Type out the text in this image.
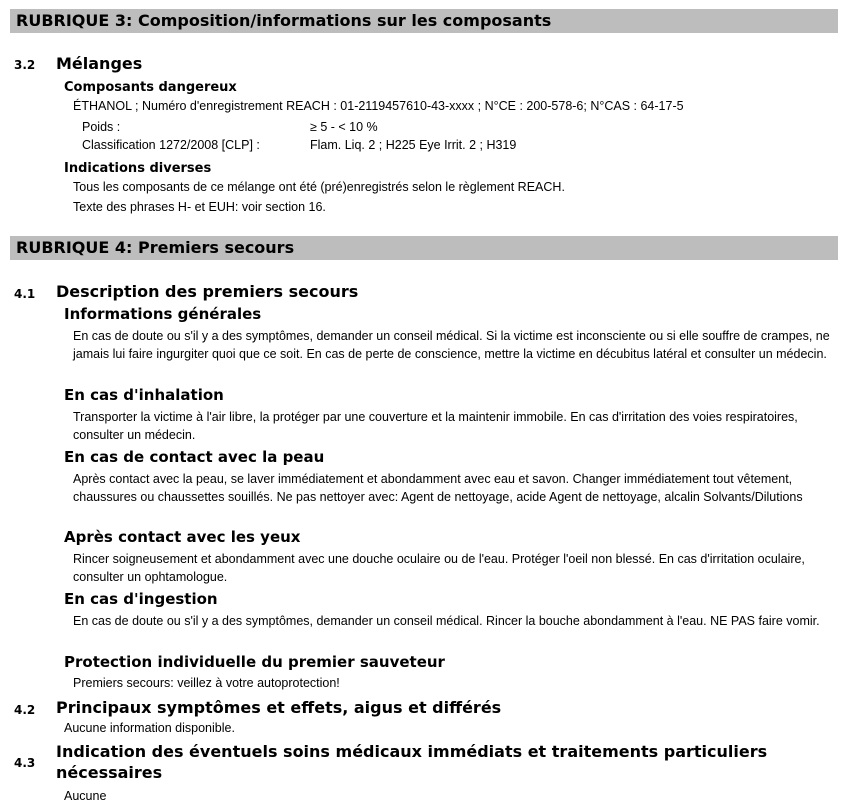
RUBRIQUE 3: Composition/informations sur les composants
3.2 Mélanges
Composants dangereux
ÉTHANOL ; Numéro d'enregistrement REACH : 01-2119457610-43-xxxx ; N°CE : 200-578-6; N°CAS : 64-17-5
Poids :	≥ 5 - < 10 %
Classification 1272/2008 [CLP] :	Flam. Liq. 2 ; H225 Eye Irrit. 2 ; H319
Indications diverses
Tous les composants de ce mélange ont été (pré)enregistrés selon le règlement REACH.
Texte des phrases H- et EUH: voir section 16.
RUBRIQUE 4: Premiers secours
4.1 Description des premiers secours
Informations générales
En cas de doute ou s'il y a des symptômes, demander un conseil médical. Si la victime est inconsciente ou si elle souffre de crampes, ne jamais lui faire ingurgiter quoi que ce soit. En cas de perte de conscience, mettre la victime en décubitus latéral et consulter un médecin.
En cas d'inhalation
Transporter la victime à l'air libre, la protéger par une couverture et la maintenir immobile. En cas d'irritation des voies respiratoires, consulter un médecin.
En cas de contact avec la peau
Après contact avec la peau, se laver immédiatement et abondamment avec eau et savon. Changer immédiatement tout vêtement, chaussures ou chaussettes souillés. Ne pas nettoyer avec: Agent de nettoyage, acide Agent de nettoyage, alcalin Solvants/Dilutions
Après contact avec les yeux
Rincer soigneusement et abondamment avec une douche oculaire ou de l'eau. Protéger l'oeil non blessé. En cas d'irritation oculaire, consulter un ophtamologue.
En cas d'ingestion
En cas de doute ou s'il y a des symptômes, demander un conseil médical. Rincer la bouche abondamment à l'eau. NE PAS faire vomir.
Protection individuelle du premier sauveteur
Premiers secours: veillez à votre autoprotection!
4.2 Principaux symptômes et effets, aigus et différés
Aucune information disponible.
4.3
Indication des éventuels soins médicaux immédiats et traitements particuliers nécessaires
Aucune
